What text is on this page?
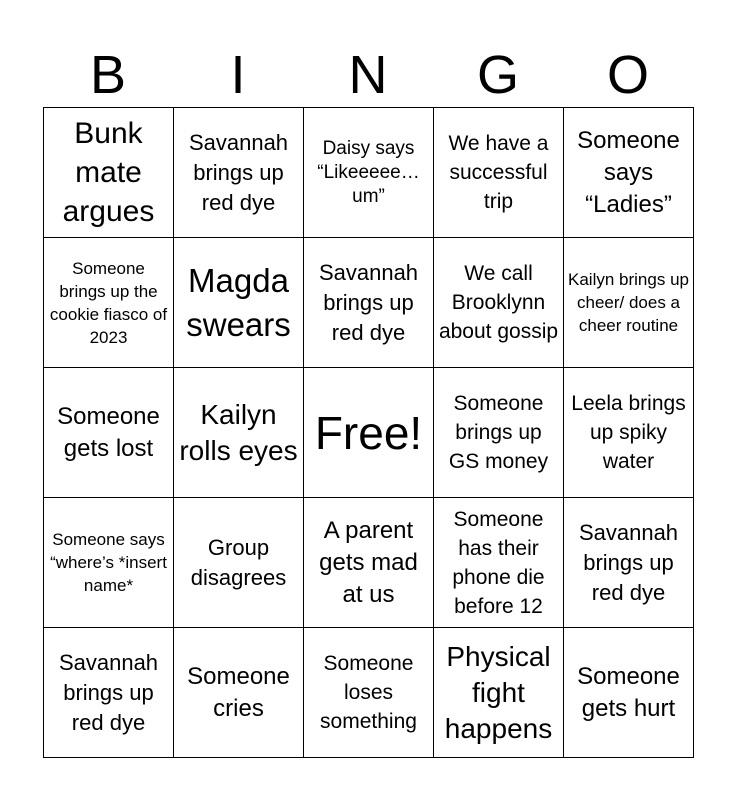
B	I	N	G	O
Bunk mate argues	Savannah brings up red dye	Daisy says “Likeeeee… um”	We have a successful trip	Someone says “Ladies”

Someone brings up the cookie fiasco of 2023	Magda swears	Savannah brings up red dye	We call Brooklynn about gossip	Kailyn brings up cheer/ does a cheer routine

Someone gets lost	Kailyn rolls eyes	Free!	Someone brings up GS money	Leela brings up spiky water

Someone says “where’s *insert name*	Group disagrees	A parent gets mad at us	Someone has their phone die before 12	Savannah brings up red dye

Savannah brings up red dye	Someone cries	Someone loses something	Physical fight happens	Someone gets hurt
